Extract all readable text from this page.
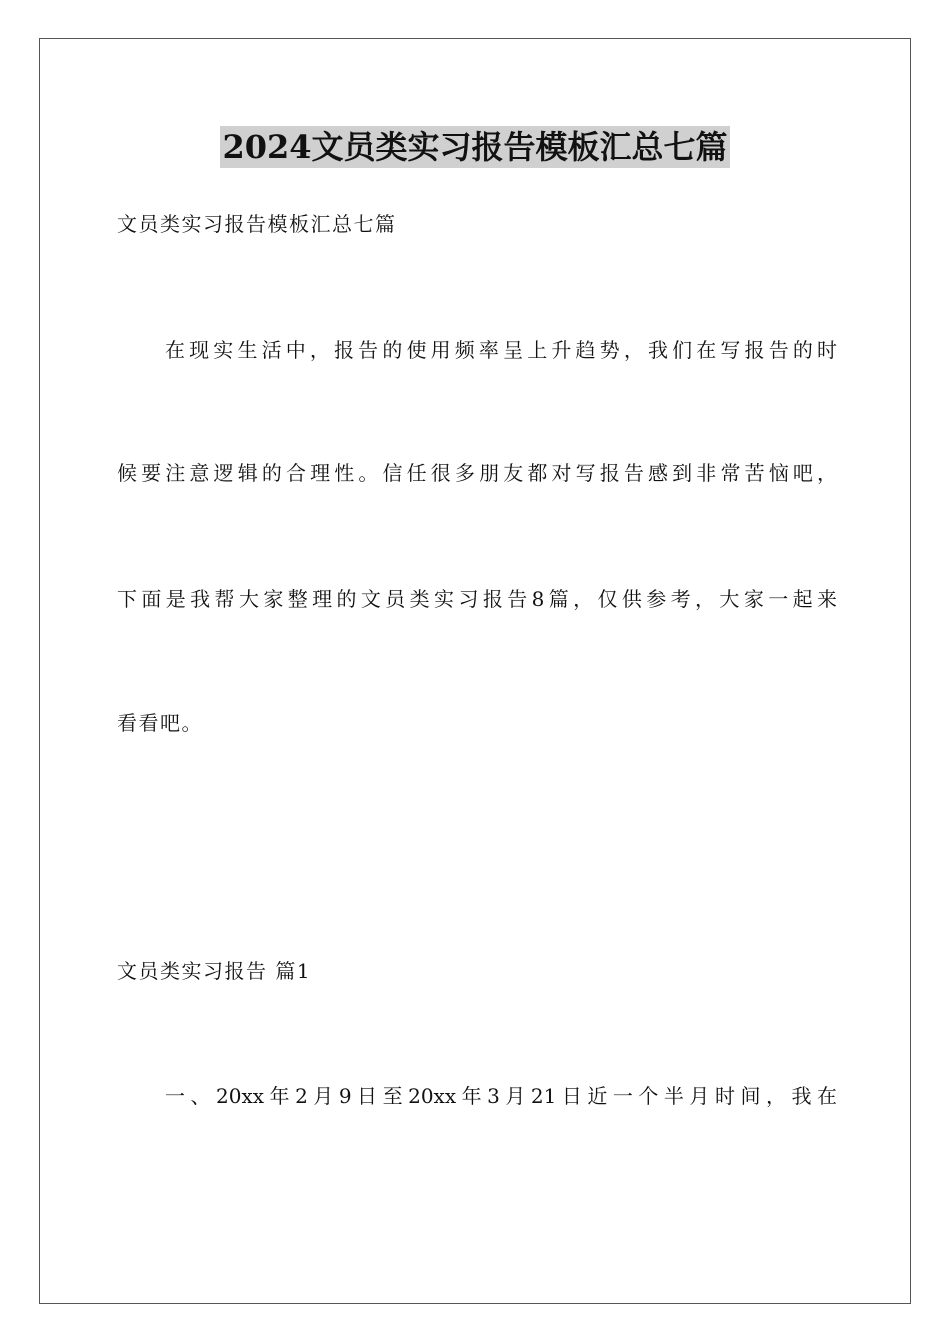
2024文员类实习报告模板汇总七篇
文员类实习报告模板汇总七篇
在现实生活中，报告的使用频率呈上升趋势，我们在写报告的时
候要注意逻辑的合理性。信任很多朋友都对写报告感到非常苦恼吧，
下面是我帮大家整理的文员类实习报告8篇，仅供参考，大家一起来
看看吧。
文员类实习报告 篇1
一、20xx年2月9日至20xx年3月21日近一个半月时间，我在
